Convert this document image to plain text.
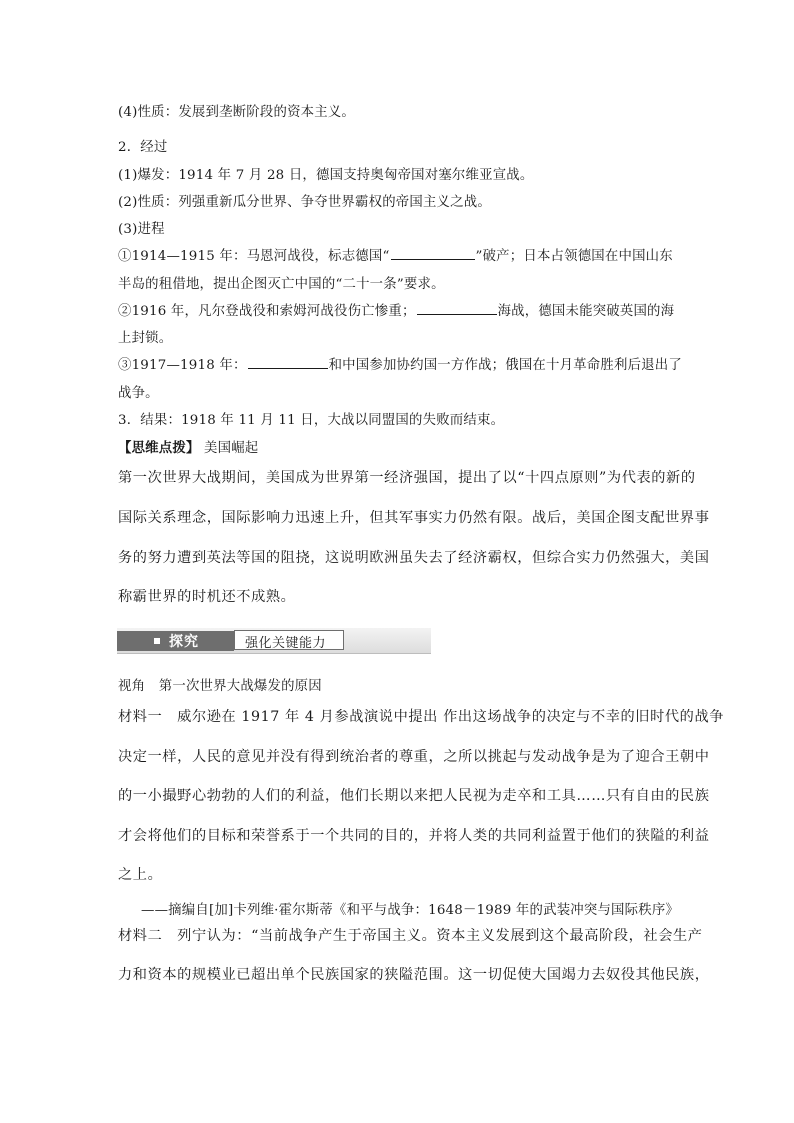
(4)性质：发展到垄断阶段的资本主义。
2．经过
(1)爆发：1914 年 7 月 28 日，德国支持奥匈帝国对塞尔维亚宣战。
(2)性质：列强重新瓜分世界、争夺世界霸权的帝国主义之战。
(3)进程
①1914—1915 年：马恩河战役，标志德国“	”破产；日本占领德国在中国山东
半岛的租借地，提出企图灭亡中国的“二十一条”要求。
②1916 年，凡尔登战役和索姆河战役伤亡惨重；	海战，德国未能突破英国的海
上封锁。
③1917—1918 年：	和中国参加协约国一方作战；俄国在十月革命胜利后退出了
战争。
3．结果：1918 年 11 月 11 日，大战以同盟国的失败而结束。
【思维点拨】 美国崛起
第一次世界大战期间，美国成为世界第一经济强国，提出了以“十四点原则”为代表的新的
国际关系理念，国际影响力迅速上升，但其军事实力仍然有限。战后，美国企图支配世界事
务的努力遭到英法等国的阻挠，这说明欧洲虽失去了经济霸权，但综合实力仍然强大，美国
称霸世界的时机还不成熟。
探究	强化关键能力
视角　第一次世界大战爆发的原因
材料一　威尔逊在 1917 年 4 月参战演说中提出 作出这场战争的决定与不幸的旧时代的战争
决定一样，人民的意见并没有得到统治者的尊重，之所以挑起与发动战争是为了迎合王朝中
的一小撮野心勃勃的人们的利益，他们长期以来把人民视为走卒和工具……只有自由的民族
才会将他们的目标和荣誉系于一个共同的目的，并将人类的共同利益置于他们的狭隘的利益
之上。
——摘编自[加]卡列维·霍尔斯蒂《和平与战争：1648－1989 年的武装冲突与国际秩序》
材料二　列宁认为：“当前战争产生于帝国主义。资本主义发展到这个最高阶段，社会生产
力和资本的规模业已超出单个民族国家的狭隘范围。这一切促使大国竭力去奴役其他民族，
